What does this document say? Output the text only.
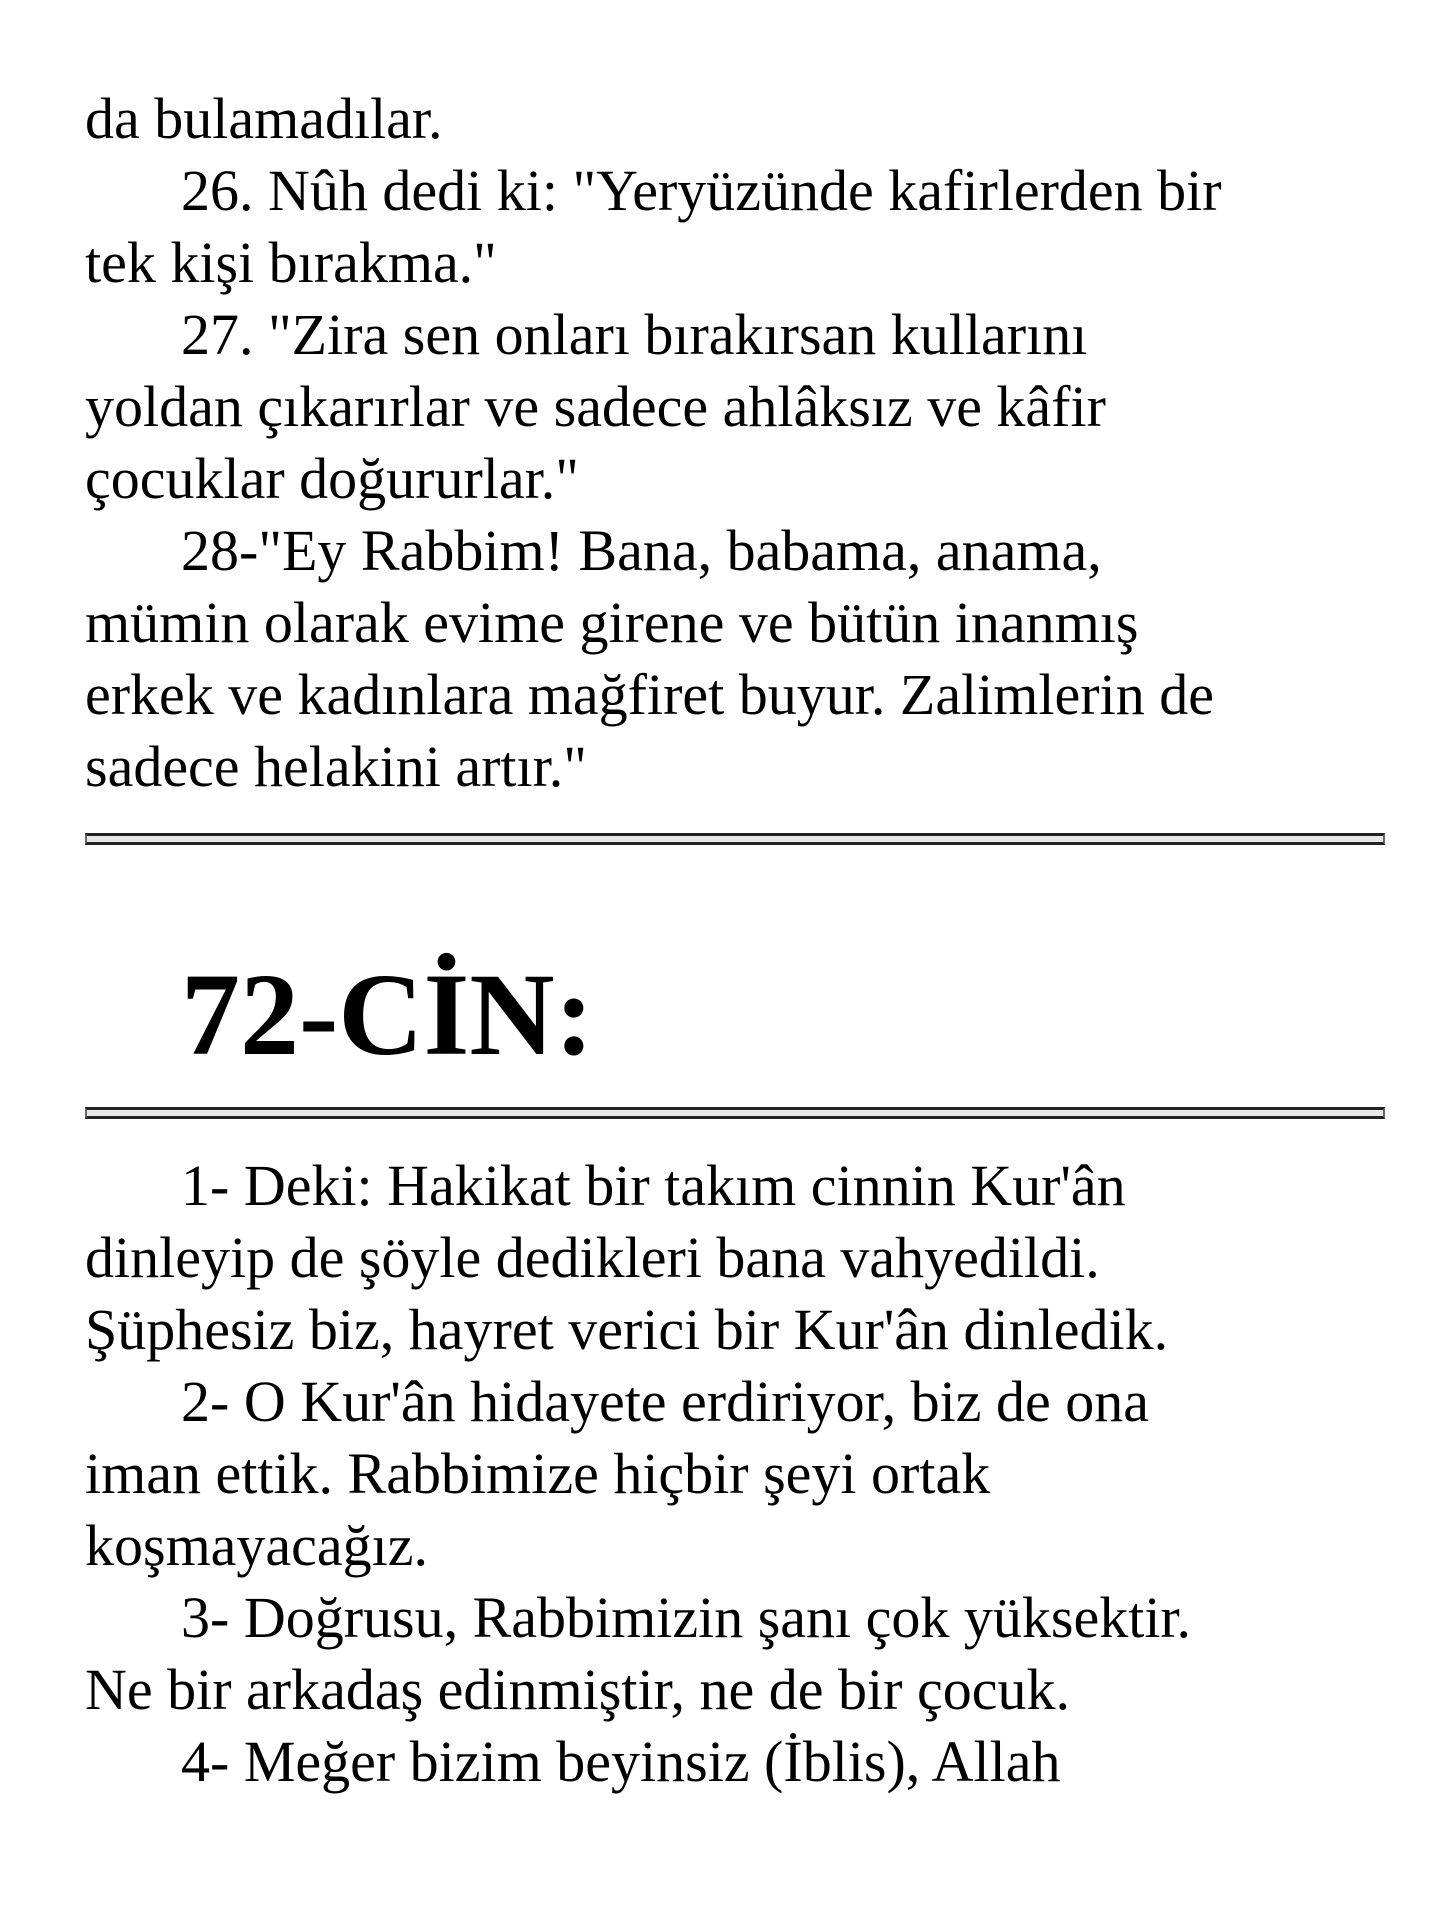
da bulamadılar.
26. Nûh dedi ki: "Yeryüzünde kafirlerden bir
tek kişi bırakma."
27. "Zira sen onları bırakırsan kullarını
yoldan çıkarırlar ve sadece ahlâksız ve kâfir
çocuklar doğururlar."
28-"Ey Rabbim! Bana, babama, anama,
mümin olarak evime girene ve bütün inanmış
erkek ve kadınlara mağfiret buyur. Zalimlerin de
sadece helakini artır."
72-CİN:
1- Deki: Hakikat bir takım cinnin Kur'ân
dinleyip de şöyle dedikleri bana vahyedildi.
Şüphesiz biz, hayret verici bir Kur'ân dinledik.
2- O Kur'ân hidayete erdiriyor, biz de ona
iman ettik. Rabbimize hiçbir şeyi ortak
koşmayacağız.
3- Doğrusu, Rabbimizin şanı çok yüksektir.
Ne bir arkadaş edinmiştir, ne de bir çocuk.
4- Meğer bizim beyinsiz (İblis), Allah
